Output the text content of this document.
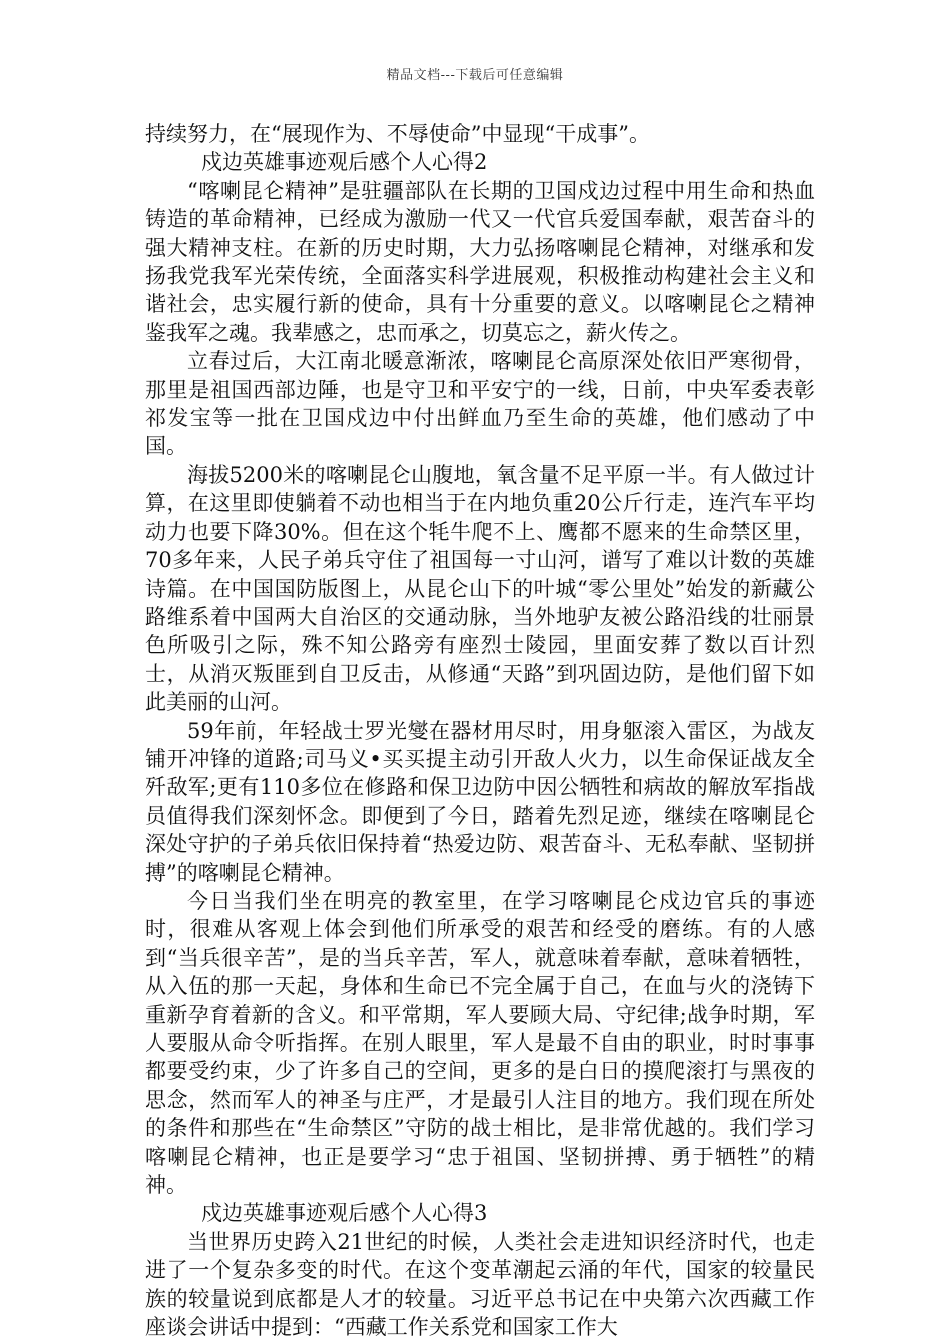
精品文档---下载后可任意编辑

持续努力，在“展现作为、不辱使命”中显现“干成事”。

戍边英雄事迹观后感个人心得2

“喀喇昆仑精神”是驻疆部队在长期的卫国戍边过程中用生命和热血铸造的革命精神，已经成为激励一代又一代官兵爱国奉献，艰苦奋斗的强大精神支柱。在新的历史时期，大力弘扬喀喇昆仑精神，对继承和发扬我党我军光荣传统，全面落实科学进展观，积极推动构建社会主义和谐社会，忠实履行新的使命，具有十分重要的意义。以喀喇昆仑之精神鉴我军之魂。我辈感之，忠而承之，切莫忘之，薪火传之。

立春过后，大江南北暖意渐浓，喀喇昆仑高原深处依旧严寒彻骨，那里是祖国西部边陲，也是守卫和平安宁的一线，日前，中央军委表彰祁发宝等一批在卫国戍边中付出鲜血乃至生命的英雄，他们感动了中国。

海拔5200米的喀喇昆仑山腹地，氧含量不足平原一半。有人做过计算，在这里即使躺着不动也相当于在内地负重20公斤行走，连汽车平均动力也要下降30%。但在这个牦牛爬不上、鹰都不愿来的生命禁区里，70多年来，人民子弟兵守住了祖国每一寸山河，谱写了难以计数的英雄诗篇。在中国国防版图上，从昆仑山下的叶城“零公里处”始发的新藏公路维系着中国两大自治区的交通动脉，当外地驴友被公路沿线的壮丽景色所吸引之际，殊不知公路旁有座烈士陵园，里面安葬了数以百计烈士，从消灭叛匪到自卫反击，从修通“天路”到巩固边防，是他们留下如此美丽的山河。

59年前，年轻战士罗光燮在器材用尽时，用身躯滚入雷区，为战友铺开冲锋的道路;司马义•买买提主动引开敌人火力，以生命保证战友全歼敌军;更有110多位在修路和保卫边防中因公牺牲和病故的解放军指战员值得我们深刻怀念。即便到了今日，踏着先烈足迹，继续在喀喇昆仑深处守护的子弟兵依旧保持着“热爱边防、艰苦奋斗、无私奉献、坚韧拼搏”的喀喇昆仑精神。

今日当我们坐在明亮的教室里，在学习喀喇昆仑戍边官兵的事迹时，很难从客观上体会到他们所承受的艰苦和经受的磨练。有的人感到“当兵很辛苦”，是的当兵辛苦，军人，就意味着奉献，意味着牺牲，从入伍的那一天起，身体和生命已不完全属于自己，在血与火的浇铸下重新孕育着新的含义。和平常期，军人要顾大局、守纪律;战争时期，军人要服从命令听指挥。在别人眼里，军人是最不自由的职业，时时事事都要受约束，少了许多自己的空间，更多的是白日的摸爬滚打与黑夜的思念，然而军人的神圣与庄严，才是最引人注目的地方。我们现在所处的条件和那些在“生命禁区”守防的战士相比，是非常优越的。我们学习喀喇昆仑精神，也正是要学习“忠于祖国、坚韧拼搏、勇于牺牲”的精神。

戍边英雄事迹观后感个人心得3

当世界历史跨入21世纪的时候，人类社会走进知识经济时代，也走进了一个复杂多变的时代。在这个变革潮起云涌的年代，国家的较量民族的较量说到底都是人才的较量。习近平总书记在中央第六次西藏工作座谈会讲话中提到：“西藏工作关系党和国家工作大
